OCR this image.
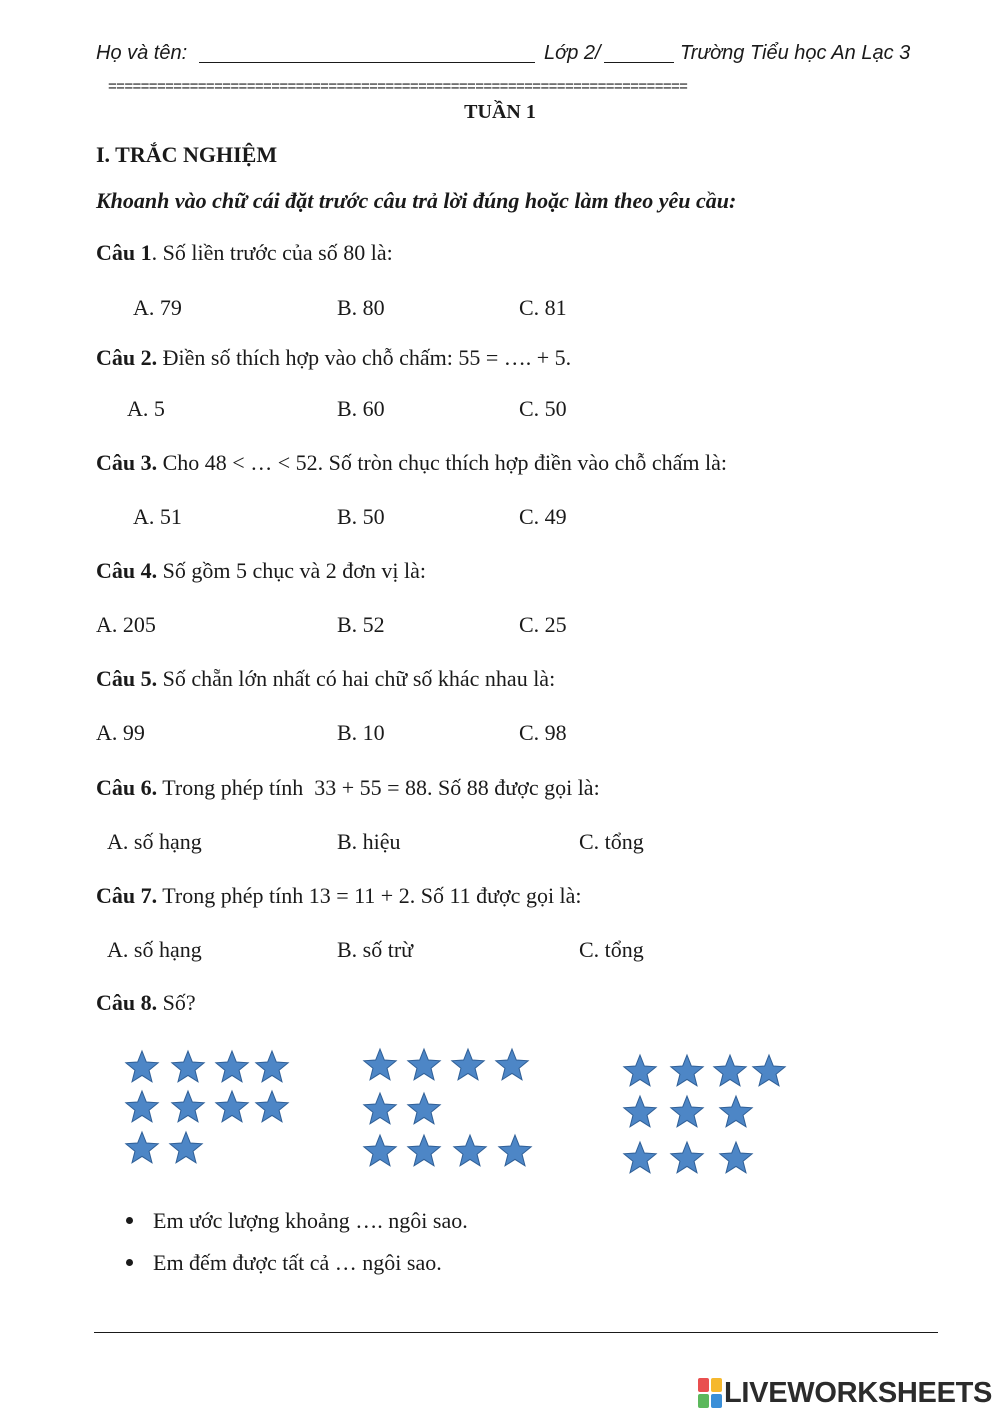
Họ và tên:	Lớp 2/	Trường Tiểu học An Lạc 3
=======================================================================
TUẦN 1
I. TRẮC NGHIỆM
Khoanh vào chữ cái đặt trước câu trả lời đúng hoặc làm theo yêu cầu:
Câu 1. Số liền trước của số 80 là:
A. 79	B. 80	C. 81
Câu 2. Điền số thích hợp vào chỗ chấm: 55 = …. + 5.
A. 5	B. 60	C. 50
Câu 3. Cho 48 < … < 52. Số tròn chục thích hợp điền vào chỗ chấm là:
A. 51	B. 50	C. 49
Câu 4. Số gồm 5 chục và 2 đơn vị là:
A. 205	B. 52	C. 25
Câu 5. Số chẵn lớn nhất có hai chữ số khác nhau là:
A. 99	B. 10	C. 98
Câu 6. Trong phép tính  33 + 55 = 88. Số 88 được gọi là:
A. số hạng	B. hiệu	C. tổng
Câu 7. Trong phép tính 13 = 11 + 2. Số 11 được gọi là:
A. số hạng	B. số trừ	C. tổng
Câu 8. Số?
Em ước lượng khoảng …. ngôi sao.
Em đếm được tất cả … ngôi sao.
LIVEWORKSHEETS
